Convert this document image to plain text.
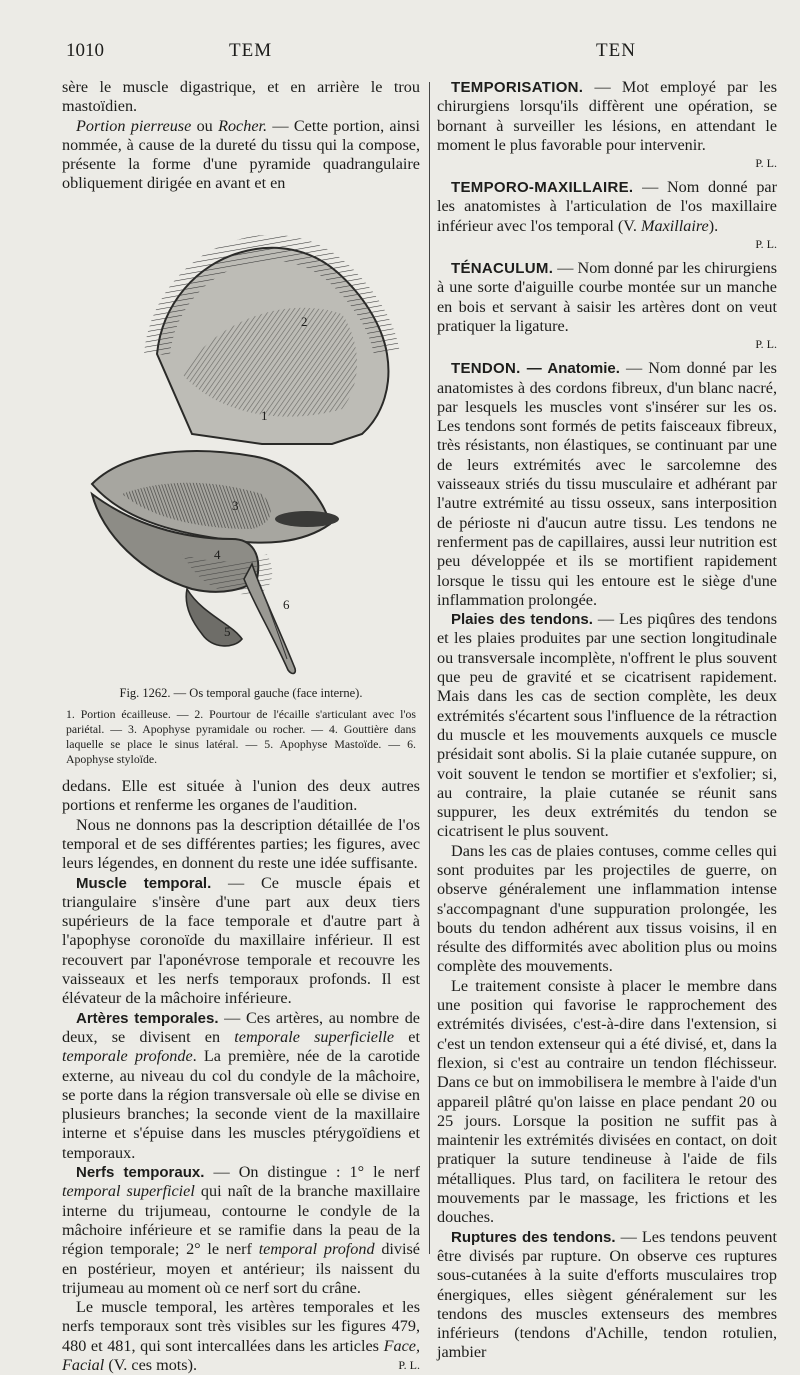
1010	TEM	TEN

sère le muscle digastrique, et en arrière le trou mastoïdien.

Portion pierreuse ou Rocher. — Cette portion, ainsi nommée, à cause de la dureté du tissu qui la compose, présente la forme d'une pyramide quadrangulaire obliquement dirigée en avant et en

2
1
3
4
5
6
Fig. 1262. — Os temporal gauche (face interne).
1. Portion écailleuse. — 2. Pourtour de l'écaille s'articulant avec l'os pariétal. — 3. Apophyse pyramidale ou rocher. — 4. Gouttière dans laquelle se place le sinus latéral. — 5. Apophyse Mastoïde. — 6. Apophyse styloïde.

dedans. Elle est située à l'union des deux autres portions et renferme les organes de l'audition.

Nous ne donnons pas la description détaillée de l'os temporal et de ses différentes parties; les figures, avec leurs légendes, en donnent du reste une idée suffisante.

Muscle temporal. — Ce muscle épais et triangulaire s'insère d'une part aux deux tiers supérieurs de la face temporale et d'autre part à l'apophyse coronoïde du maxillaire inférieur. Il est recouvert par l'aponévrose temporale et recouvre les vaisseaux et les nerfs temporaux profonds. Il est élévateur de la mâchoire inférieure.

Artères temporales. — Ces artères, au nombre de deux, se divisent en temporale superficielle et temporale profonde. La première, née de la carotide externe, au niveau du col du condyle de la mâchoire, se porte dans la région transversale où elle se divise en plusieurs branches; la seconde vient de la maxillaire interne et s'épuise dans les muscles ptérygoïdiens et temporaux.

Nerfs temporaux. — On distingue : 1° le nerf temporal superficiel qui naît de la branche maxillaire interne du trijumeau, contourne le condyle de la mâchoire inférieure et se ramifie dans la peau de la région temporale; 2° le nerf temporal profond divisé en postérieur, moyen et antérieur; ils naissent du trijumeau au moment où ce nerf sort du crâne.

Le muscle temporal, les artères temporales et les nerfs temporaux sont très visibles sur les figures 479, 480 et 481, qui sont intercallées dans les articles Face, Facial (V. ces mots).	P. L.

TEMPORISATION. — Mot employé par les chirurgiens lorsqu'ils diffèrent une opération, se bornant à surveiller les lésions, en attendant le moment le plus favorable pour intervenir.

P. L.

TEMPORO-MAXILLAIRE. — Nom donné par les anatomistes à l'articulation de l'os maxillaire inférieur avec l'os temporal (V. Maxillaire).

P. L.

TÉNACULUM. — Nom donné par les chirurgiens à une sorte d'aiguille courbe montée sur un manche en bois et servant à saisir les artères dont on veut pratiquer la ligature.

P. L.

TENDON. — Anatomie. — Nom donné par les anatomistes à des cordons fibreux, d'un blanc nacré, par lesquels les muscles vont s'insérer sur les os. Les tendons sont formés de petits faisceaux fibreux, très résistants, non élastiques, se continuant par une de leurs extrémités avec le sarcolemne des vaisseaux striés du tissu musculaire et adhérant par l'autre extrémité au tissu osseux, sans interposition de périoste ni d'aucun autre tissu. Les tendons ne renferment pas de capillaires, aussi leur nutrition est peu développée et ils se mortifient rapidement lorsque le tissu qui les entoure est le siège d'une inflammation prolongée.

Plaies des tendons. — Les piqûres des tendons et les plaies produites par une section longitudinale ou transversale incomplète, n'offrent le plus souvent que peu de gravité et se cicatrisent rapidement. Mais dans les cas de section complète, les deux extrémités s'écartent sous l'influence de la rétraction du muscle et les mouvements auxquels ce muscle présidait sont abolis. Si la plaie cutanée suppure, on voit souvent le tendon se mortifier et s'exfolier; si, au contraire, la plaie cutanée se réunit sans suppurer, les deux extrémités du tendon se cicatrisent le plus souvent.

Dans les cas de plaies contuses, comme celles qui sont produites par les projectiles de guerre, on observe généralement une inflammation intense s'accompagnant d'une suppuration prolongée, les bouts du tendon adhérent aux tissus voisins, il en résulte des difformités avec abolition plus ou moins complète des mouvements.

Le traitement consiste à placer le membre dans une position qui favorise le rapprochement des extrémités divisées, c'est-à-dire dans l'extension, si c'est un tendon extenseur qui a été divisé, et, dans la flexion, si c'est au contraire un tendon fléchisseur. Dans ce but on immobilisera le membre à l'aide d'un appareil plâtré qu'on laisse en place pendant 20 ou 25 jours. Lorsque la position ne suffit pas à maintenir les extrémités divisées en contact, on doit pratiquer la suture tendineuse à l'aide de fils métalliques. Plus tard, on facilitera le retour des mouvements par le massage, les frictions et les douches.

Ruptures des tendons. — Les tendons peuvent être divisés par rupture. On observe ces ruptures sous-cutanées à la suite d'efforts musculaires trop énergiques, elles siègent généralement sur les tendons des muscles extenseurs des membres inférieurs (tendons d'Achille, tendon rotulien, jambier
